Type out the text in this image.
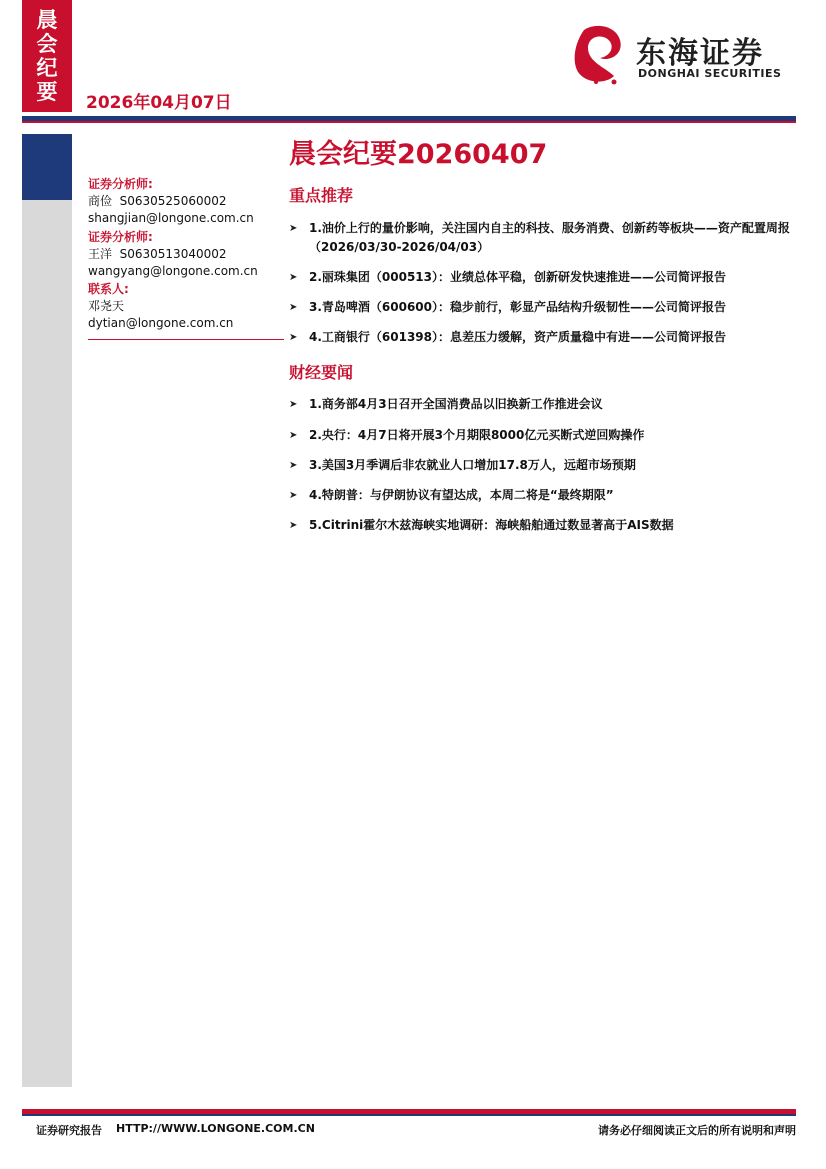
晨
会
纪
要	2026年04月07日
东海证券
DONGHAI SECURITIES
晨会纪要20260407
证券分析师:
商俭  S0630525060002
shangjian@longone.com.cn
证券分析师:
王洋  S0630513040002
wangyang@longone.com.cn
联系人:
邓尧天
dytian@longone.com.cn
重点推荐
➤ 1.油价上行的量价影响，关注国内自主的科技、服务消费、创新药等板块——资产配置周报（2026/03/30-2026/04/03）
➤ 2.丽珠集团（000513）：业绩总体平稳，创新研发快速推进——公司简评报告
➤ 3.青岛啤酒（600600）：稳步前行，彰显产品结构升级韧性——公司简评报告
➤ 4.工商银行（601398）：息差压力缓解，资产质量稳中有进——公司简评报告
财经要闻
➤ 1.商务部4月3日召开全国消费品以旧换新工作推进会议
➤ 2.央行：4月7日将开展3个月期限8000亿元买断式逆回购操作
➤ 3.美国3月季调后非农就业人口增加17.8万人，远超市场预期
➤ 4.特朗普：与伊朗协议有望达成，本周二将是“最终期限”
➤ 5.Citrini霍尔木兹海峡实地调研：海峡船舶通过数显著高于AIS数据
证券研究报告 HTTP://WWW.LONGONE.COM.CN	请务必仔细阅读正文后的所有说明和声明
